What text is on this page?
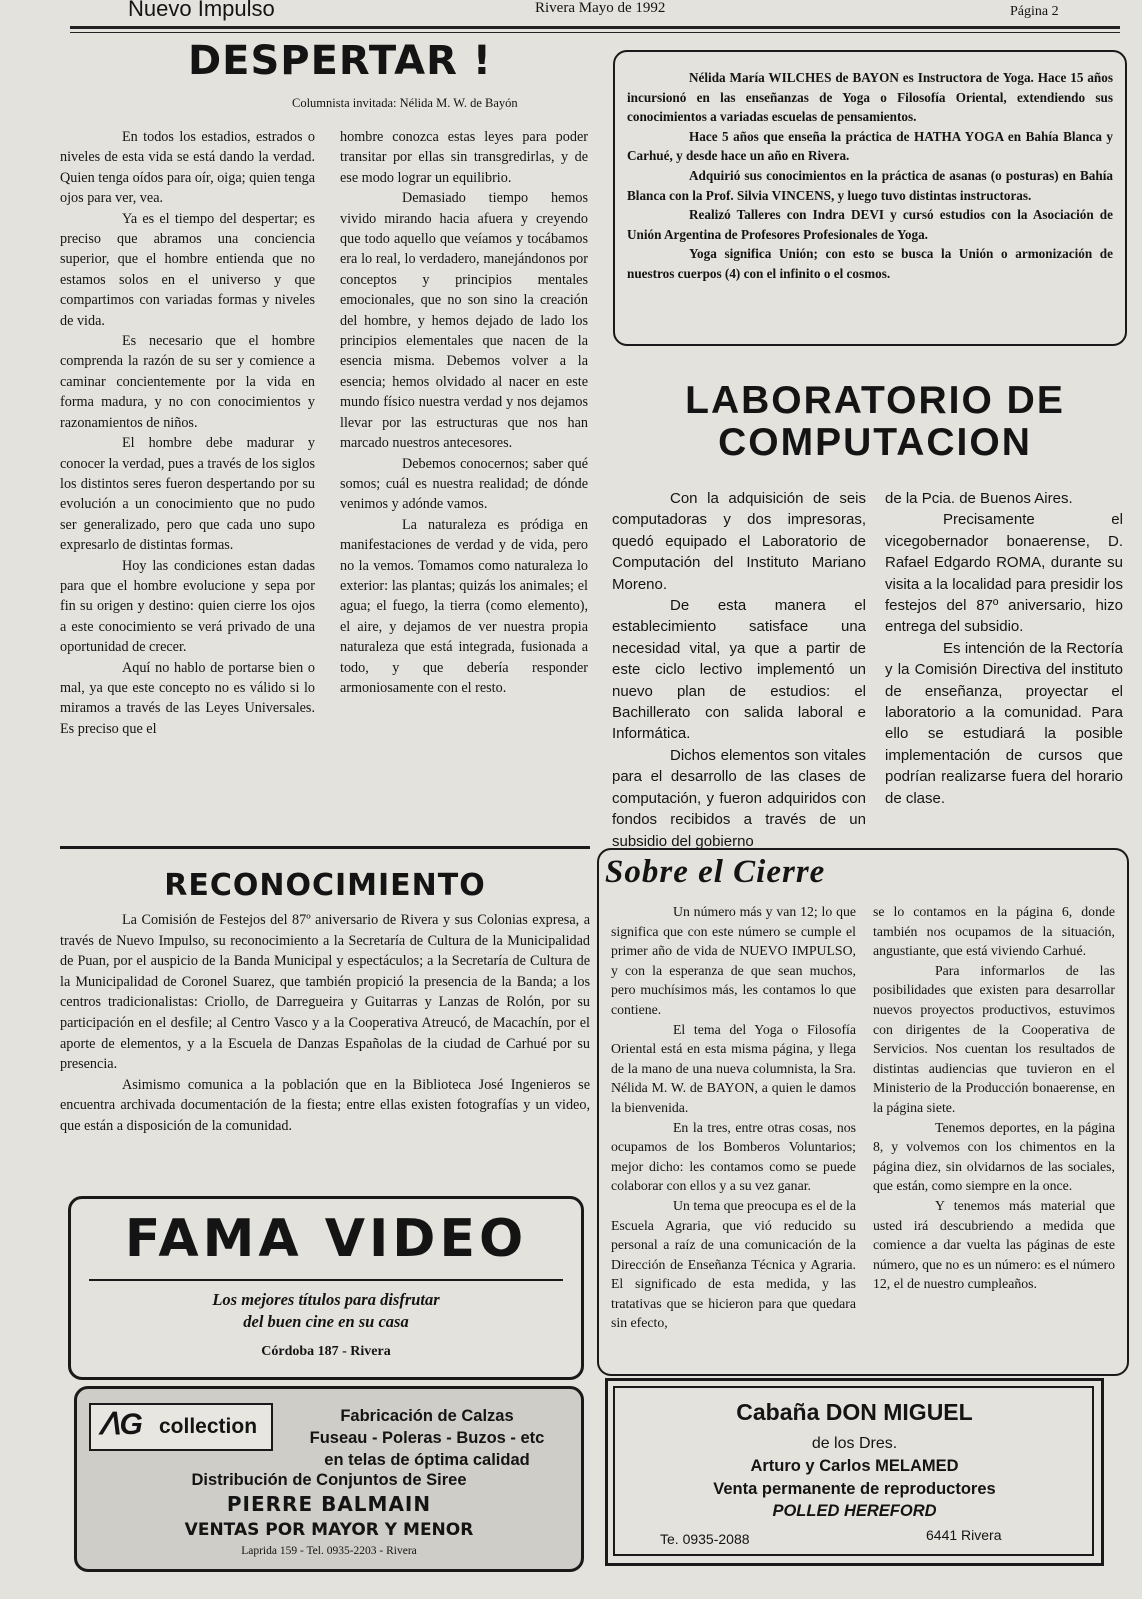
Nuevo Impulso	Rivera Mayo de 1992	Página 2
DESPERTAR !
Columnista invitada: Nélida M. W. de Bayón

En todos los estadios, estrados o niveles de esta vida se está dando la verdad. Quien tenga oídos para oír, oiga; quien tenga ojos para ver, vea.

Ya es el tiempo del despertar; es preciso que abramos una conciencia superior, que el hombre entienda que no estamos solos en el universo y que compartimos con variadas formas y niveles de vida.

Es necesario que el hombre comprenda la razón de su ser y comience a caminar concientemente por la vida en forma madura, y no con conocimientos y razonamientos de niños.

El hombre debe madurar y conocer la verdad, pues a través de los siglos los distintos seres fueron despertando por su evolución a un conocimiento que no pudo ser generalizado, pero que cada uno supo expresarlo de distintas formas.

Hoy las condiciones estan dadas para que el hombre evolucione y sepa por fin su origen y destino: quien cierre los ojos a este conocimiento se verá privado de una oportunidad de crecer.

Aquí no hablo de portarse bien o mal, ya que este concepto no es válido si lo miramos a través de las Leyes Universales. Es preciso que el

hombre conozca estas leyes para poder transitar por ellas sin transgredirlas, y de ese modo lograr un equilibrio.

Demasiado tiempo hemos vivido mirando hacia afuera y creyendo que todo aquello que veíamos y tocábamos era lo real, lo verdadero, manejándonos por conceptos y principios mentales emocionales, que no son sino la creación del hombre, y hemos dejado de lado los principios elementales que nacen de la esencia misma. Debemos volver a la esencia; hemos olvidado al nacer en este mundo físico nuestra verdad y nos dejamos llevar por las estructuras que nos han marcado nuestros antecesores.

Debemos conocernos; saber qué somos; cuál es nuestra realidad; de dónde venimos y adónde vamos.

La naturaleza es pródiga en manifestaciones de verdad y de vida, pero no la vemos. Tomamos como naturaleza lo exterior: las plantas; quizás los animales; el agua; el fuego, la tierra (como elemento), el aire, y dejamos de ver nuestra propia naturaleza que está integrada, fusionada a todo, y que debería responder armoniosamente con el resto.

Nélida María WILCHES de BAYON es Instructora de Yoga. Hace 15 años incursionó en las enseñanzas de Yoga o Filosofía Oriental, extendiendo sus conocimientos a variadas escuelas de pensamientos.

Hace 5 años que enseña la práctica de HATHA YOGA en Bahía Blanca y Carhué, y desde hace un año en Rivera.

Adquirió sus conocimientos en la práctica de asanas (o posturas) en Bahía Blanca con la Prof. Silvia VINCENS, y luego tuvo distintas instructoras.

Realizó Talleres con Indra DEVI y cursó estudios con la Asociación de Unión Argentina de Profesores Profesionales de Yoga.

Yoga significa Unión; con esto se busca la Unión o armonización de nuestros cuerpos (4) con el infinito o el cosmos.

LABORATORIO DE
COMPUTACION

Con la adquisición de seis computadoras y dos impresoras, quedó equipado el Laboratorio de Computación del Instituto Mariano Moreno.

De esta manera el establecimiento satisface una necesidad vital, ya que a partir de este ciclo lectivo implementó un nuevo plan de estudios: el Bachillerato con salida laboral e Informática.

Dichos elementos son vitales para el desarrollo de las clases de computación, y fueron adquiridos con fondos recibidos a través de un subsidio del gobierno

de la Pcia. de Buenos Aires.

Precisamente el vicegobernador bonaerense, D. Rafael Edgardo ROMA, durante su visita a la localidad para presidir los festejos del 87º aniversario, hizo entrega del subsidio.

Es intención de la Rectoría y la Comisión Directiva del instituto de enseñanza, proyectar el laboratorio a la comunidad. Para ello se estudiará la posible implementación de cursos que podrían realizarse fuera del horario de clase.

RECONOCIMIENTO

La Comisión de Festejos del 87º aniversario de Rivera y sus Colonias expresa, a través de Nuevo Impulso, su reconocimiento a la Secretaría de Cultura de la Municipalidad de Puan, por el auspicio de la Banda Municipal y espectáculos; a la Secretaría de Cultura de la Municipalidad de Coronel Suarez, que también propició la presencia de la Banda; a los centros tradicionalistas: Criollo, de Darregueira y Guitarras y Lanzas de Rolón, por su participación en el desfile; al Centro Vasco y a la Cooperativa Atreucó, de Macachín, por el aporte de elementos, y a la Escuela de Danzas Españolas de la ciudad de Carhué por su presencia.

Asimismo comunica a la población que en la Biblioteca José Ingenieros se encuentra archivada documentación de la fiesta; entre ellas existen fotografías y un video, que están a disposición de la comunidad.

Sobre el Cierre

Un número más y van 12; lo que significa que con este número se cumple el primer año de vida de NUEVO IMPULSO, y con la esperanza de que sean muchos, pero muchísimos más, les contamos lo que contiene.

El tema del Yoga o Filosofía Oriental está en esta misma página, y llega de la mano de una nueva columnista, la Sra. Nélida M. W. de BAYON, a quien le damos la bienvenida.

En la tres, entre otras cosas, nos ocupamos de los Bomberos Voluntarios; mejor dicho: les contamos como se puede colaborar con ellos y a su vez ganar.

Un tema que preocupa es el de la Escuela Agraria, que vió reducido su personal a raíz de una comunicación de la Dirección de Enseñanza Técnica y Agraria. El significado de esta medida, y las tratativas que se hicieron para que quedara sin efecto,

se lo contamos en la página 6, donde también nos ocupamos de la situación, angustiante, que está viviendo Carhué.

Para informarlos de las posibilidades que existen para desarrollar nuevos proyectos productivos, estuvimos con dirigentes de la Cooperativa de Servicios. Nos cuentan los resultados de distintas audiencias que tuvieron en el Ministerio de la Producción bonaerense, en la página siete.

Tenemos deportes, en la página 8, y volvemos con los chimentos en la página diez, sin olvidarnos de las sociales, que están, como siempre en la once.

Y tenemos más material que usted irá descubriendo a medida que comience a dar vuelta las páginas de este número, que no es un número: es el número 12, el de nuestro cumpleaños.

FAMA VIDEO
Los mejores títulos para disfrutar
del buen cine en su casa
Córdoba 187 - Rivera
ᐱG collection	Fabricación de Calzas
Fuseau - Poleras - Buzos - etc
en telas de óptima calidad
Distribución de Conjuntos de Siree
PIERRE BALMAIN
VENTAS POR MAYOR Y MENOR
Laprida 159 - Tel. 0935-2203 - Rivera
Cabaña DON MIGUEL
de los Dres.
Arturo y Carlos MELAMED
Venta permanente de reproductores
POLLED HEREFORD
Te. 0935-2088	6441 Rivera
